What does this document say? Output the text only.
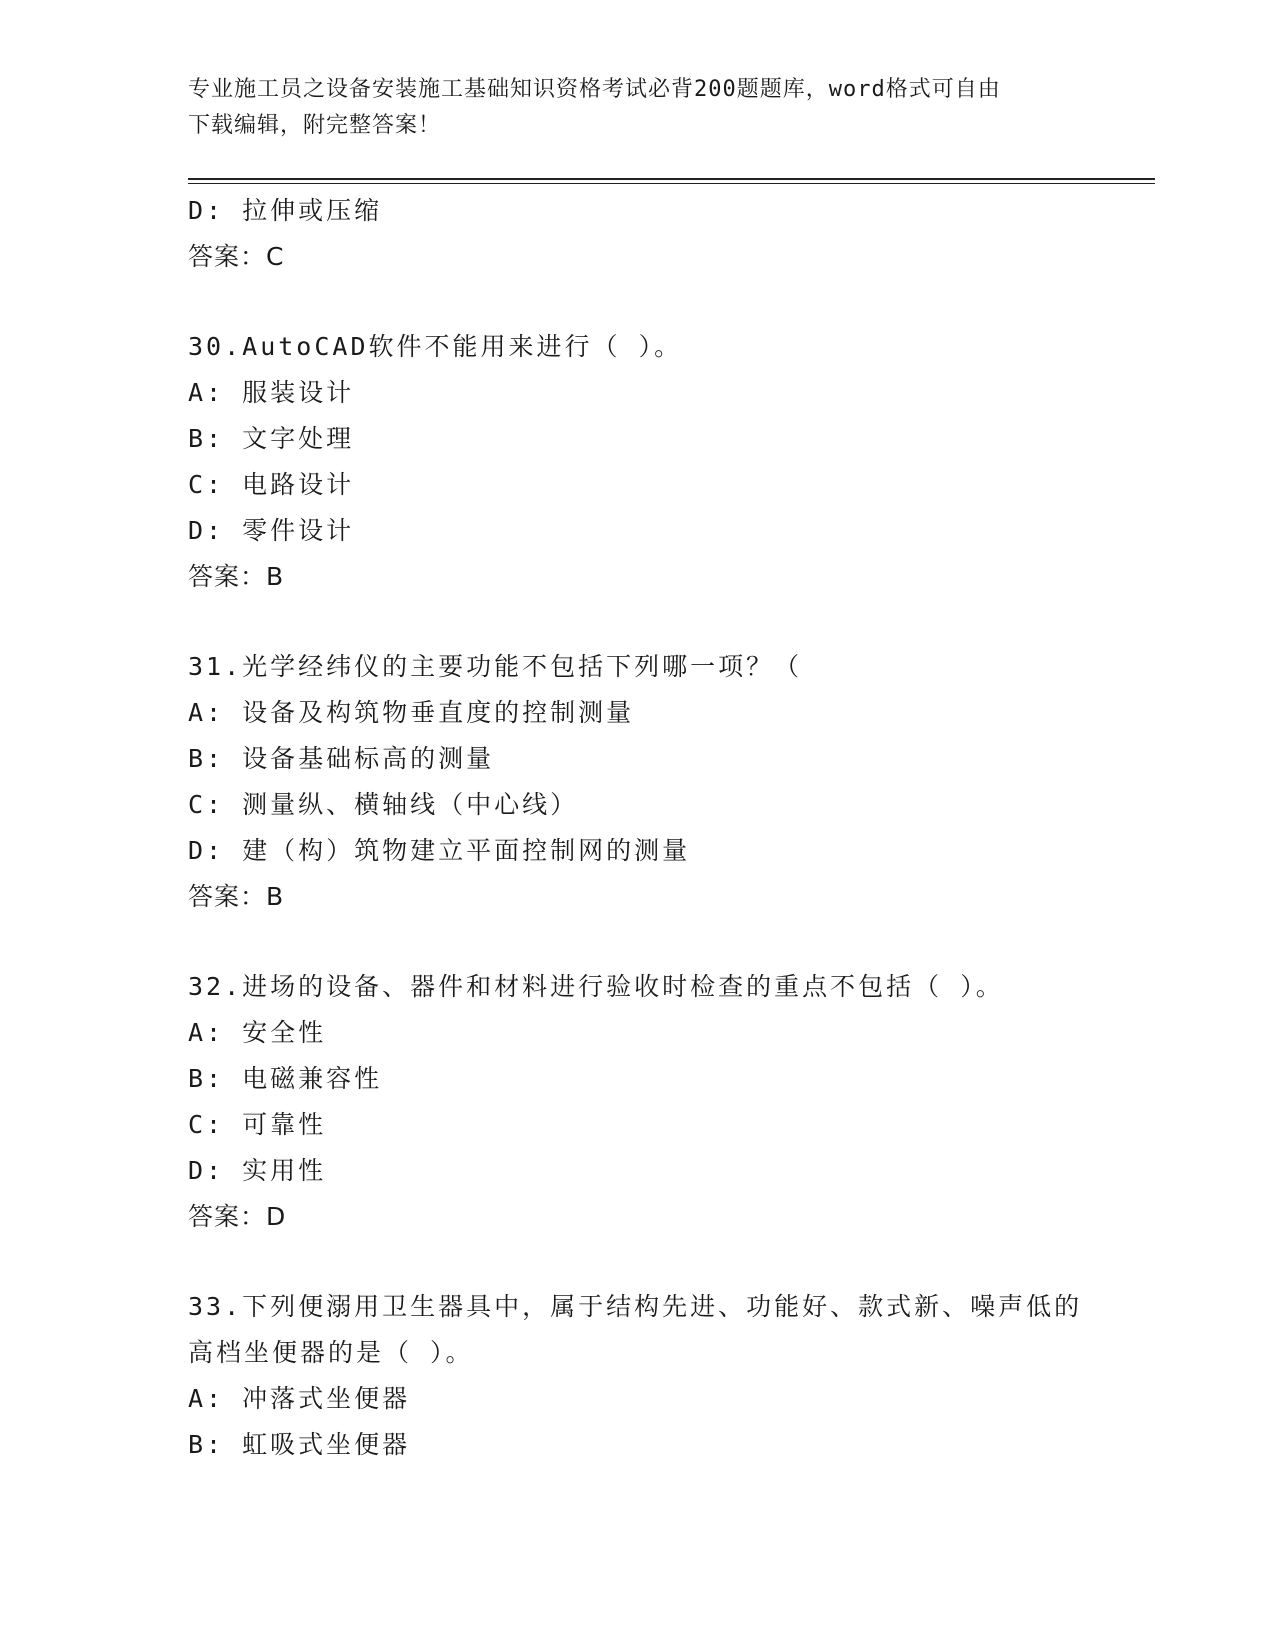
专业施工员之设备安装施工基础知识资格考试必背200题题库，word格式可自由
下载编辑，附完整答案！
D: 拉伸或压缩
答案：C
30.AutoCAD软件不能用来进行（ ）。
A: 服装设计
B: 文字处理
C: 电路设计
D: 零件设计
答案：B
31.光学经纬仪的主要功能不包括下列哪一项？（
A: 设备及构筑物垂直度的控制测量
B: 设备基础标高的测量
C: 测量纵、横轴线（中心线）
D: 建（构）筑物建立平面控制网的测量
答案：B
32.进场的设备、器件和材料进行验收时检查的重点不包括（ ）。
A: 安全性
B: 电磁兼容性
C: 可靠性
D: 实用性
答案：D
33.下列便溺用卫生器具中，属于结构先进、功能好、款式新、噪声低的高档坐便器的是（ ）。
A: 冲落式坐便器
B: 虹吸式坐便器
